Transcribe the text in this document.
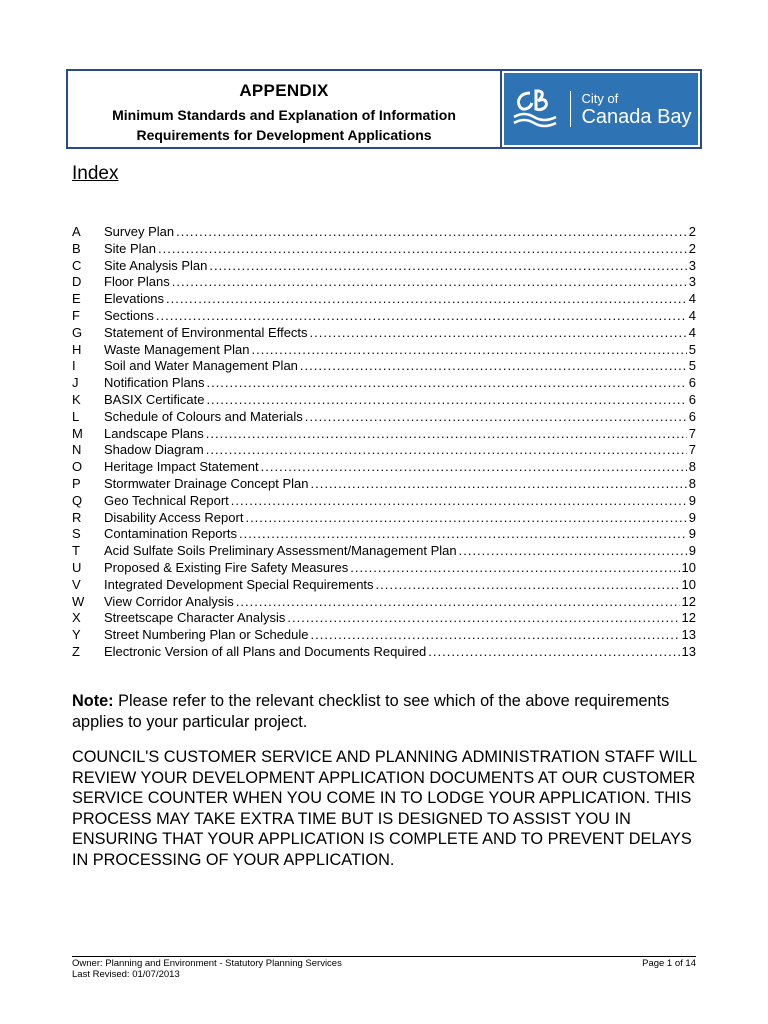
APPENDIX
Minimum Standards and Explanation of Information
Requirements for Development Applications
City of
Canada Bay
Index
A	Survey Plan .....	2
B	Site Plan .....	2
C	Site Analysis Plan .....	3
D	Floor Plans .....	3
E	Elevations .....	4
F	Sections .....	4
G	Statement of Environmental Effects .....	4
H	Waste Management Plan .....	5
I	Soil and Water Management Plan .....	5
J	Notification Plans .....	6
K	BASIX Certificate .....	6
L	Schedule of Colours and Materials .....	6
M	Landscape Plans .....	7
N	Shadow Diagram .....	7
O	Heritage Impact Statement .....	8
P	Stormwater Drainage Concept Plan .....	8
Q	Geo Technical Report .....	9
R	Disability Access Report .....	9
S	Contamination Reports .....	9
T	Acid Sulfate Soils Preliminary Assessment/Management Plan .....	9
U	Proposed & Existing Fire Safety Measures .....	10
V	Integrated Development Special Requirements .....	10
W	View Corridor Analysis .....	12
X	Streetscape Character Analysis .....	12
Y	Street Numbering Plan or Schedule .....	13
Z	Electronic Version of all Plans and Documents Required .....	13
Note: Please refer to the relevant checklist to see which of the above requirements applies to your particular project.
COUNCIL'S CUSTOMER SERVICE AND PLANNING ADMINISTRATION STAFF WILL REVIEW YOUR DEVELOPMENT APPLICATION DOCUMENTS AT OUR CUSTOMER SERVICE COUNTER WHEN YOU COME IN TO LODGE YOUR APPLICATION. THIS PROCESS MAY TAKE EXTRA TIME BUT IS DESIGNED TO ASSIST YOU IN ENSURING THAT YOUR APPLICATION IS COMPLETE AND TO PREVENT DELAYS IN PROCESSING OF YOUR APPLICATION.
Owner: Planning and Environment - Statutory Planning Services
Last Revised: 01/07/2013
Page 1 of 14
